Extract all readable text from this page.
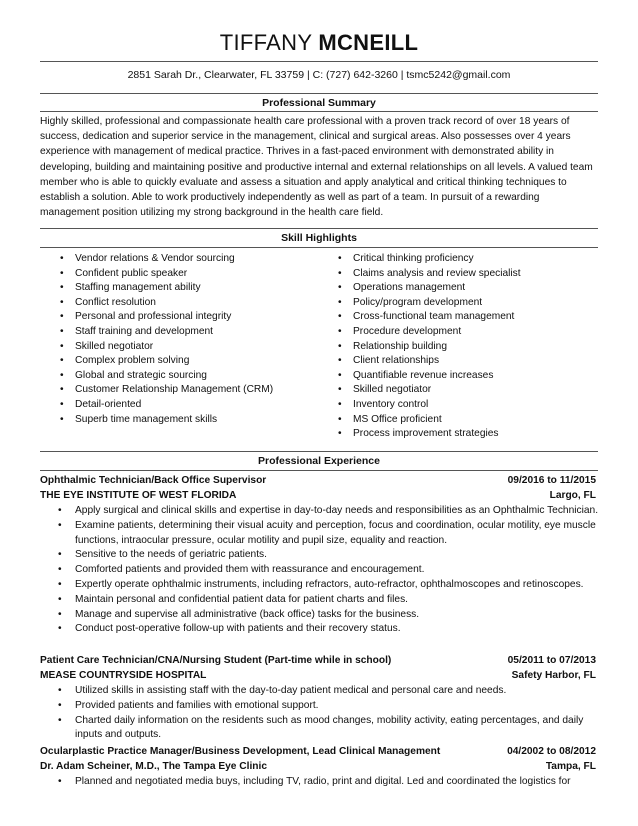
TIFFANY MCNEILL
2851 Sarah Dr., Clearwater, FL 33759 | C: (727) 642-3260 | tsmc5242@gmail.com
Professional Summary

Highly skilled, professional and compassionate health care professional with a proven track record of over 18 years of success, dedication and superior service in the management, clinical and surgical areas. Also possesses over 4 years experience with management of medical practice. Thrives in a fast-paced environment with demonstrated ability in developing, building and maintaining positive and productive internal and external relationships on all levels. A valued team member who is able to quickly evaluate and assess a situation and apply analytical and critical thinking techniques to establish a solution. Able to work productively independently as well as part of a team. In pursuit of a rewarding management position utilizing my strong background in the health care field.

Skill Highlights
• Vendor relations & Vendor sourcing
• Confident public speaker
• Staffing management ability
• Conflict resolution
• Personal and professional integrity
• Staff training and development
• Skilled negotiator
• Complex problem solving
• Global and strategic sourcing
• Customer Relationship Management (CRM)
• Detail-oriented
• Superb time management skills
• Critical thinking proficiency
• Claims analysis and review specialist
• Operations management
• Policy/program development
• Cross-functional team management
• Procedure development
• Relationship building
• Client relationships
• Quantifiable revenue increases
• Skilled negotiator
• Inventory control
• MS Office proficient
• Process improvement strategies
Professional Experience
Ophthalmic Technician/Back Office Supervisor	09/2016 to 11/2015
THE EYE INSTITUTE OF WEST FLORIDA	Largo, FL
• Apply surgical and clinical skills and expertise in day-to-day needs and responsibilities as an Ophthalmic Technician.
• Examine patients, determining their visual acuity and perception, focus and coordination, ocular motility, eye muscle functions, intraocular pressure, ocular motility and pupil size, equality and reaction.
• Sensitive to the needs of geriatric patients.
• Comforted patients and provided them with reassurance and encouragement.
• Expertly operate ophthalmic instruments, including refractors, auto-refractor, ophthalmoscopes and retinoscopes.
• Maintain personal and confidential patient data for patient charts and files.
• Manage and supervise all administrative (back office) tasks for the business.
• Conduct post-operative follow-up with patients and their recovery status.
Patient Care Technician/CNA/Nursing Student (Part-time while in school)	05/2011 to 07/2013
MEASE COUNTRYSIDE HOSPITAL	Safety Harbor, FL
• Utilized skills in assisting staff with the day-to-day patient medical and personal care and needs.
• Provided patients and families with emotional support.
• Charted daily information on the residents such as mood changes, mobility activity, eating percentages, and daily inputs and outputs.
Ocularplastic Practice Manager/Business Development, Lead Clinical Management	04/2002 to 08/2012
Dr. Adam Scheiner, M.D., The Tampa Eye Clinic	Tampa, FL
• Planned and negotiated media buys, including TV, radio, print and digital. Led and coordinated the logistics for
